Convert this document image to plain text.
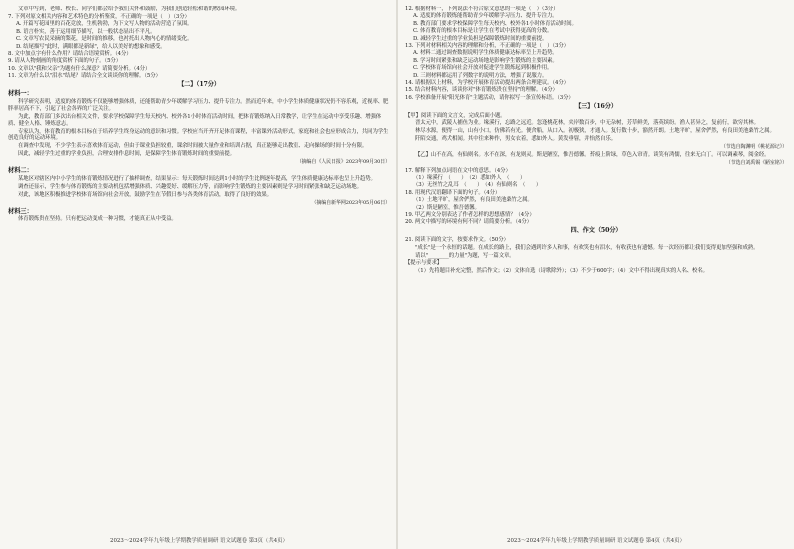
文章中写到，老师、校长、同学们都会给予我们关怀和鼓励，为我们创造轻松和谐的校园环境。

7. 下列对原文相关内容和艺术特色的分析鉴赏，不正确的一项是（　）（3分）

A. 开篇写花园里的百花竞放，生机勃勃，为下文写人物的活动营造了氛围。

B. 语言朴实，善于运用细节描写，以一般状态显出不平凡。

C. 文章写农民采摘的梨花，是时间的推移，也衬托出人物内心的情绪变化。

D. 结尾描写"此时，满眼都是新绿"，给人以美好的想象和感受。

8. 文中加点字有什么作用？请结合语境赏析。（4分）

9. 请从人物刻画的角度赏析下面的句子。（5分）

10. 文章以"我和父亲"为题有什么深意？请简要分析。（4分）

11. 文章为什么以"泪水"结尾？请结合全文谈谈你的理解。（5分）

【二】（17分）
材料一：

科学研究表明，适度的体育锻炼不仅能够增强体质，还能帮助青少年缓解学习压力、提升专注力。然而近年来，中小学生体质健康状况仍不容乐观，近视率、肥胖率居高不下，引起了社会各界的广泛关注。

为此，教育部门多次出台相关文件，要求学校保障学生每天校内、校外各1小时体育活动时间，把体育锻炼纳入日常教学，让学生在运动中享受乐趣、增强体质、健全人格、锤炼意志。

专家认为，体育教育的根本目标在于培养学生终身运动的意识和习惯。学校应当开齐开足体育课程，丰富课外活动形式，家庭和社会也应形成合力，共同为学生创造良好的运动环境。

在调查中发现，不少学生表示喜欢体育运动，但由于课业负担较重，课余时间被大量作业和培训占据，真正能够走出教室、走向操场的时间十分有限。

因此，减轻学生过重的学业负担，合理安排作息时间，是保障学生体育锻炼时间的重要前提。

（摘编自《人民日报》2023年09月30日）

材料二：

某地区对辖区内中小学生的体育锻炼情况进行了抽样调查，结果显示：每天锻炼时间达到1小时的学生比例逐年提高，学生体质健康达标率也呈上升趋势。

调查还显示，学生参与体育锻炼的主要动机包括增强体质、兴趣爱好、缓解压力等，而影响学生锻炼的主要因素则是学习时间紧张和缺乏运动场地。

对此，该地区积极推进学校体育场馆向社会开放，鼓励学生在节假日参与各类体育活动，取得了良好的效果。

（摘编自新华网2023年05月06日）

材料三：

体育锻炼贵在坚持。只有把运动变成一种习惯，才能真正从中受益。

12. 根据材料一，下列说法不符合原文意思的一项是（　）（3分）

A. 适度的体育锻炼能帮助青少年缓解学习压力、提升专注力。

B. 教育部门要求学校保障学生每天校内、校外各1小时体育活动时间。

C. 体育教育的根本目标是让学生在考试中获得更高的分数。

D. 减轻学生过重的学业负担是保障锻炼时间的重要前提。

13. 下列对材料相关内容的理解和分析，不正确的一项是（　）（3分）

A. 材料二通过调查数据说明学生体质健康达标率呈上升趋势。

B. 学习时间紧张和缺乏运动场地是影响学生锻炼的主要因素。

C. 学校体育场馆向社会开放对促进学生锻炼起到积极作用。

D. 三则材料都运用了列数字的说明方法，增强了说服力。

14. 请根据以上材料，为学校开展体育活动提出两条合理建议。（4分）

15. 结合材料内容，谈谈你对"体育锻炼贵在坚持"的理解。（4分）

16. 学校准备开展"阳光体育"主题活动，请你拟写一条宣传标语。（3分）

【三】（16分）

【甲】阅读下面的文言文，完成后面小题。

晋太元中，武陵人捕鱼为业。缘溪行，忘路之远近。忽逢桃花林，夹岸数百步，中无杂树，芳草鲜美，落英缤纷。渔人甚异之，复前行，欲穷其林。

林尽水源，便得一山，山有小口，仿佛若有光。便舍船，从口入。初极狭，才通人。复行数十步，豁然开朗。土地平旷，屋舍俨然，有良田美池桑竹之属。

阡陌交通，鸡犬相闻。其中往来种作，男女衣着，悉如外人。黄发垂髫，并怡然自乐。

（节选自陶渊明《桃花源记》）

【乙】山不在高，有仙则名。水不在深，有龙则灵。斯是陋室，惟吾德馨。苔痕上阶绿，草色入帘青。谈笑有鸿儒，往来无白丁。可以调素琴，阅金经。

（节选自刘禹锡《陋室铭》）

17. 解释下列加点词语在文中的意思。（4分）

（1）缘溪行　（　　）　（2）悉如外人　（　　）

（3）无丝竹之乱耳　（　　）　（4）有仙则名　（　　）

18. 用现代汉语翻译下面的句子。（4分）

（1）土地平旷，屋舍俨然，有良田美池桑竹之属。

（2）斯是陋室，惟吾德馨。

19. 甲乙两文分别表达了作者怎样的思想感情？（4分）

20. 两文中描写的环境有何不同？请简要分析。（4分）

四、作文（50分）

21. 阅读下面的文字，按要求作文。（50分）

"成长"是一个永恒的话题。在成长的路上，我们会遇到许多人和事，有欢笑也有泪水，有收获也有遗憾。每一次经历都让我们变得更加坚强和成熟。

请以"________的力量"为题，写一篇文章。

【提示与要求】

（1）先将题目补充完整，然后作文；（2）文体自选（诗歌除外）；（3）不少于600字；（4）文中不得出现真实的人名、校名。

2023～2024学年九年级上学期教学质量调研 语文试题卷 第3页（共4页）	2023～2024学年九年级上学期教学质量调研 语文试题卷 第4页（共4页）
